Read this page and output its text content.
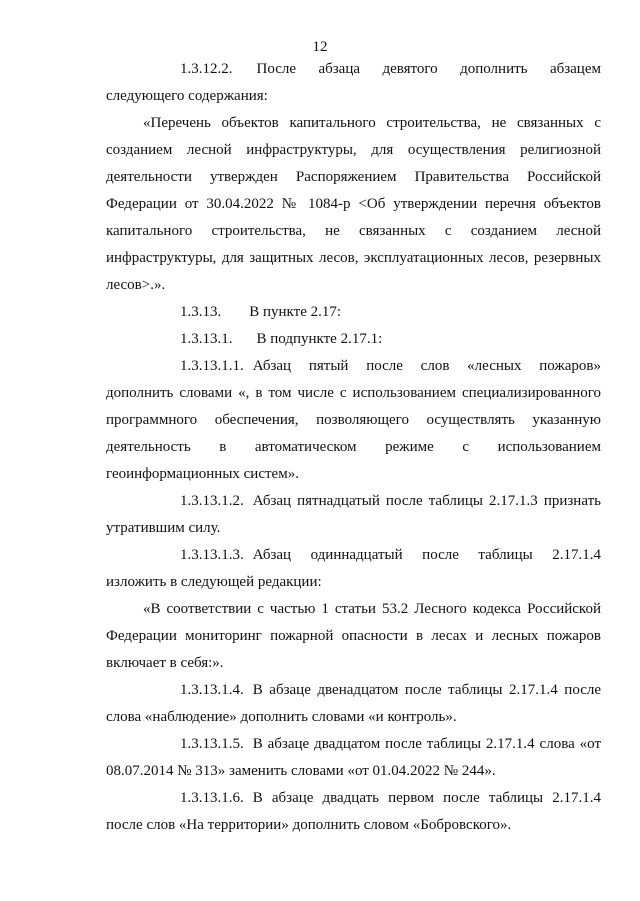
12

1.3.12.2. После абзаца девятого дополнить абзацем следующего содержания:

«Перечень объектов капитального строительства, не связанных с созданием лесной инфраструктуры, для осуществления религиозной деятельности утвержден Распоряжением Правительства Российской Федерации от 30.04.2022 № 1084-р <Об утверждении перечня объектов капитального строительства, не связанных с созданием лесной инфраструктуры, для защитных лесов, эксплуатационных лесов, резервных лесов>.».

1.3.13. В пункте 2.17:

1.3.13.1. В подпункте 2.17.1:

1.3.13.1.1. Абзац пятый после слов «лесных пожаров» дополнить словами «, в том числе с использованием специализированного программного обеспечения, позволяющего осуществлять указанную деятельность в автоматическом режиме с использованием геоинформационных систем».

1.3.13.1.2. Абзац пятнадцатый после таблицы 2.17.1.3 признать утратившим силу.

1.3.13.1.3. Абзац одиннадцатый после таблицы 2.17.1.4 изложить в следующей редакции:

«В соответствии с частью 1 статьи 53.2 Лесного кодекса Российской Федерации мониторинг пожарной опасности в лесах и лесных пожаров включает в себя:».

1.3.13.1.4. В абзаце двенадцатом после таблицы 2.17.1.4 после слова «наблюдение» дополнить словами «и контроль».

1.3.13.1.5. В абзаце двадцатом после таблицы 2.17.1.4 слова «от 08.07.2014 № 313» заменить словами «от 01.04.2022 № 244».

1.3.13.1.6. В абзаце двадцать первом после таблицы 2.17.1.4 после слов «На территории» дополнить словом «Бобровского».
